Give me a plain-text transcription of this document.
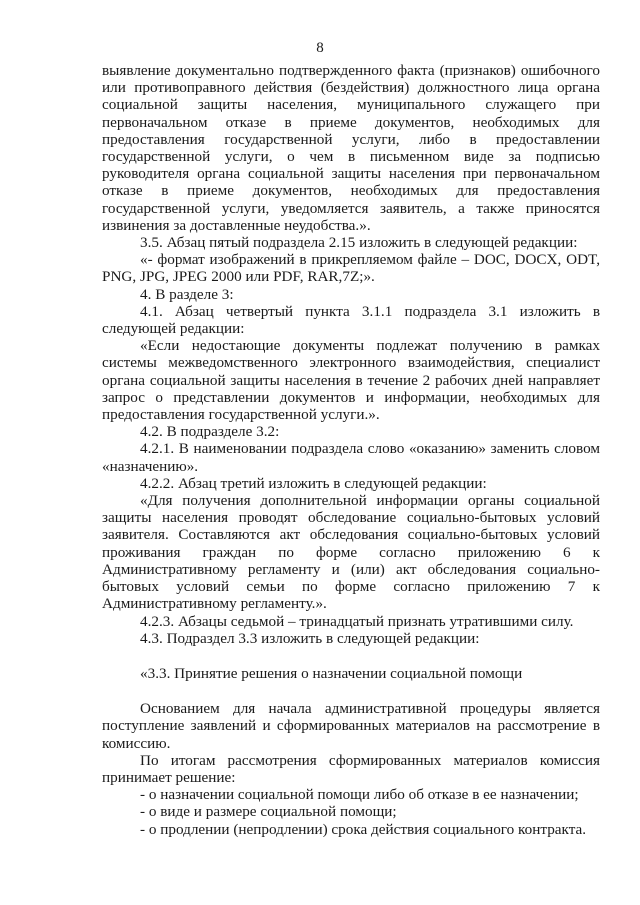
8

выявление документально подтвержденного факта (признаков) ошибочного или противоправного действия (бездействия) должностного лица органа социальной защиты населения, муниципального служащего при первоначальном отказе в приеме документов, необходимых для предоставления государственной услуги, либо в предоставлении государственной услуги, о чем в письменном виде за подписью руководителя органа социальной защиты населения при первоначальном отказе в приеме документов, необходимых для предоставления государственной услуги, уведомляется заявитель, а также приносятся извинения за доставленные неудобства.».

3.5. Абзац пятый подраздела 2.15 изложить в следующей редакции:

«- формат изображений в прикрепляемом файле – DOC, DOCX, ODT, PNG, JPG, JPEG 2000 или PDF, RAR,7Z;».

4. В разделе 3:

4.1. Абзац четвертый пункта 3.1.1 подраздела 3.1 изложить в следующей редакции:

«Если недостающие документы подлежат получению в рамках системы межведомственного электронного взаимодействия, специалист органа социальной защиты населения в течение 2 рабочих дней направляет запрос о представлении документов и информации, необходимых для предоставления государственной услуги.».

4.2. В подразделе 3.2:

4.2.1. В наименовании подраздела слово «оказанию» заменить словом «назначению».

4.2.2. Абзац третий изложить в следующей редакции:

«Для получения дополнительной информации органы социальной защиты населения проводят обследование социально-бытовых условий заявителя. Составляются акт обследования социально-бытовых условий проживания граждан по форме согласно приложению 6 к Административному регламенту и (или) акт обследования социально-бытовых условий семьи по форме согласно приложению 7 к Административному регламенту.».

4.2.3. Абзацы седьмой – тринадцатый признать утратившими силу.

4.3. Подраздел 3.3 изложить в следующей редакции:

«3.3. Принятие решения о назначении социальной помощи

Основанием для начала административной процедуры является поступление заявлений и сформированных материалов на рассмотрение в комиссию.

По итогам рассмотрения сформированных материалов комиссия принимает решение:

- о назначении социальной помощи либо об отказе в ее назначении;

- о виде и размере социальной помощи;

- о продлении (непродлении) срока действия социального контракта.
